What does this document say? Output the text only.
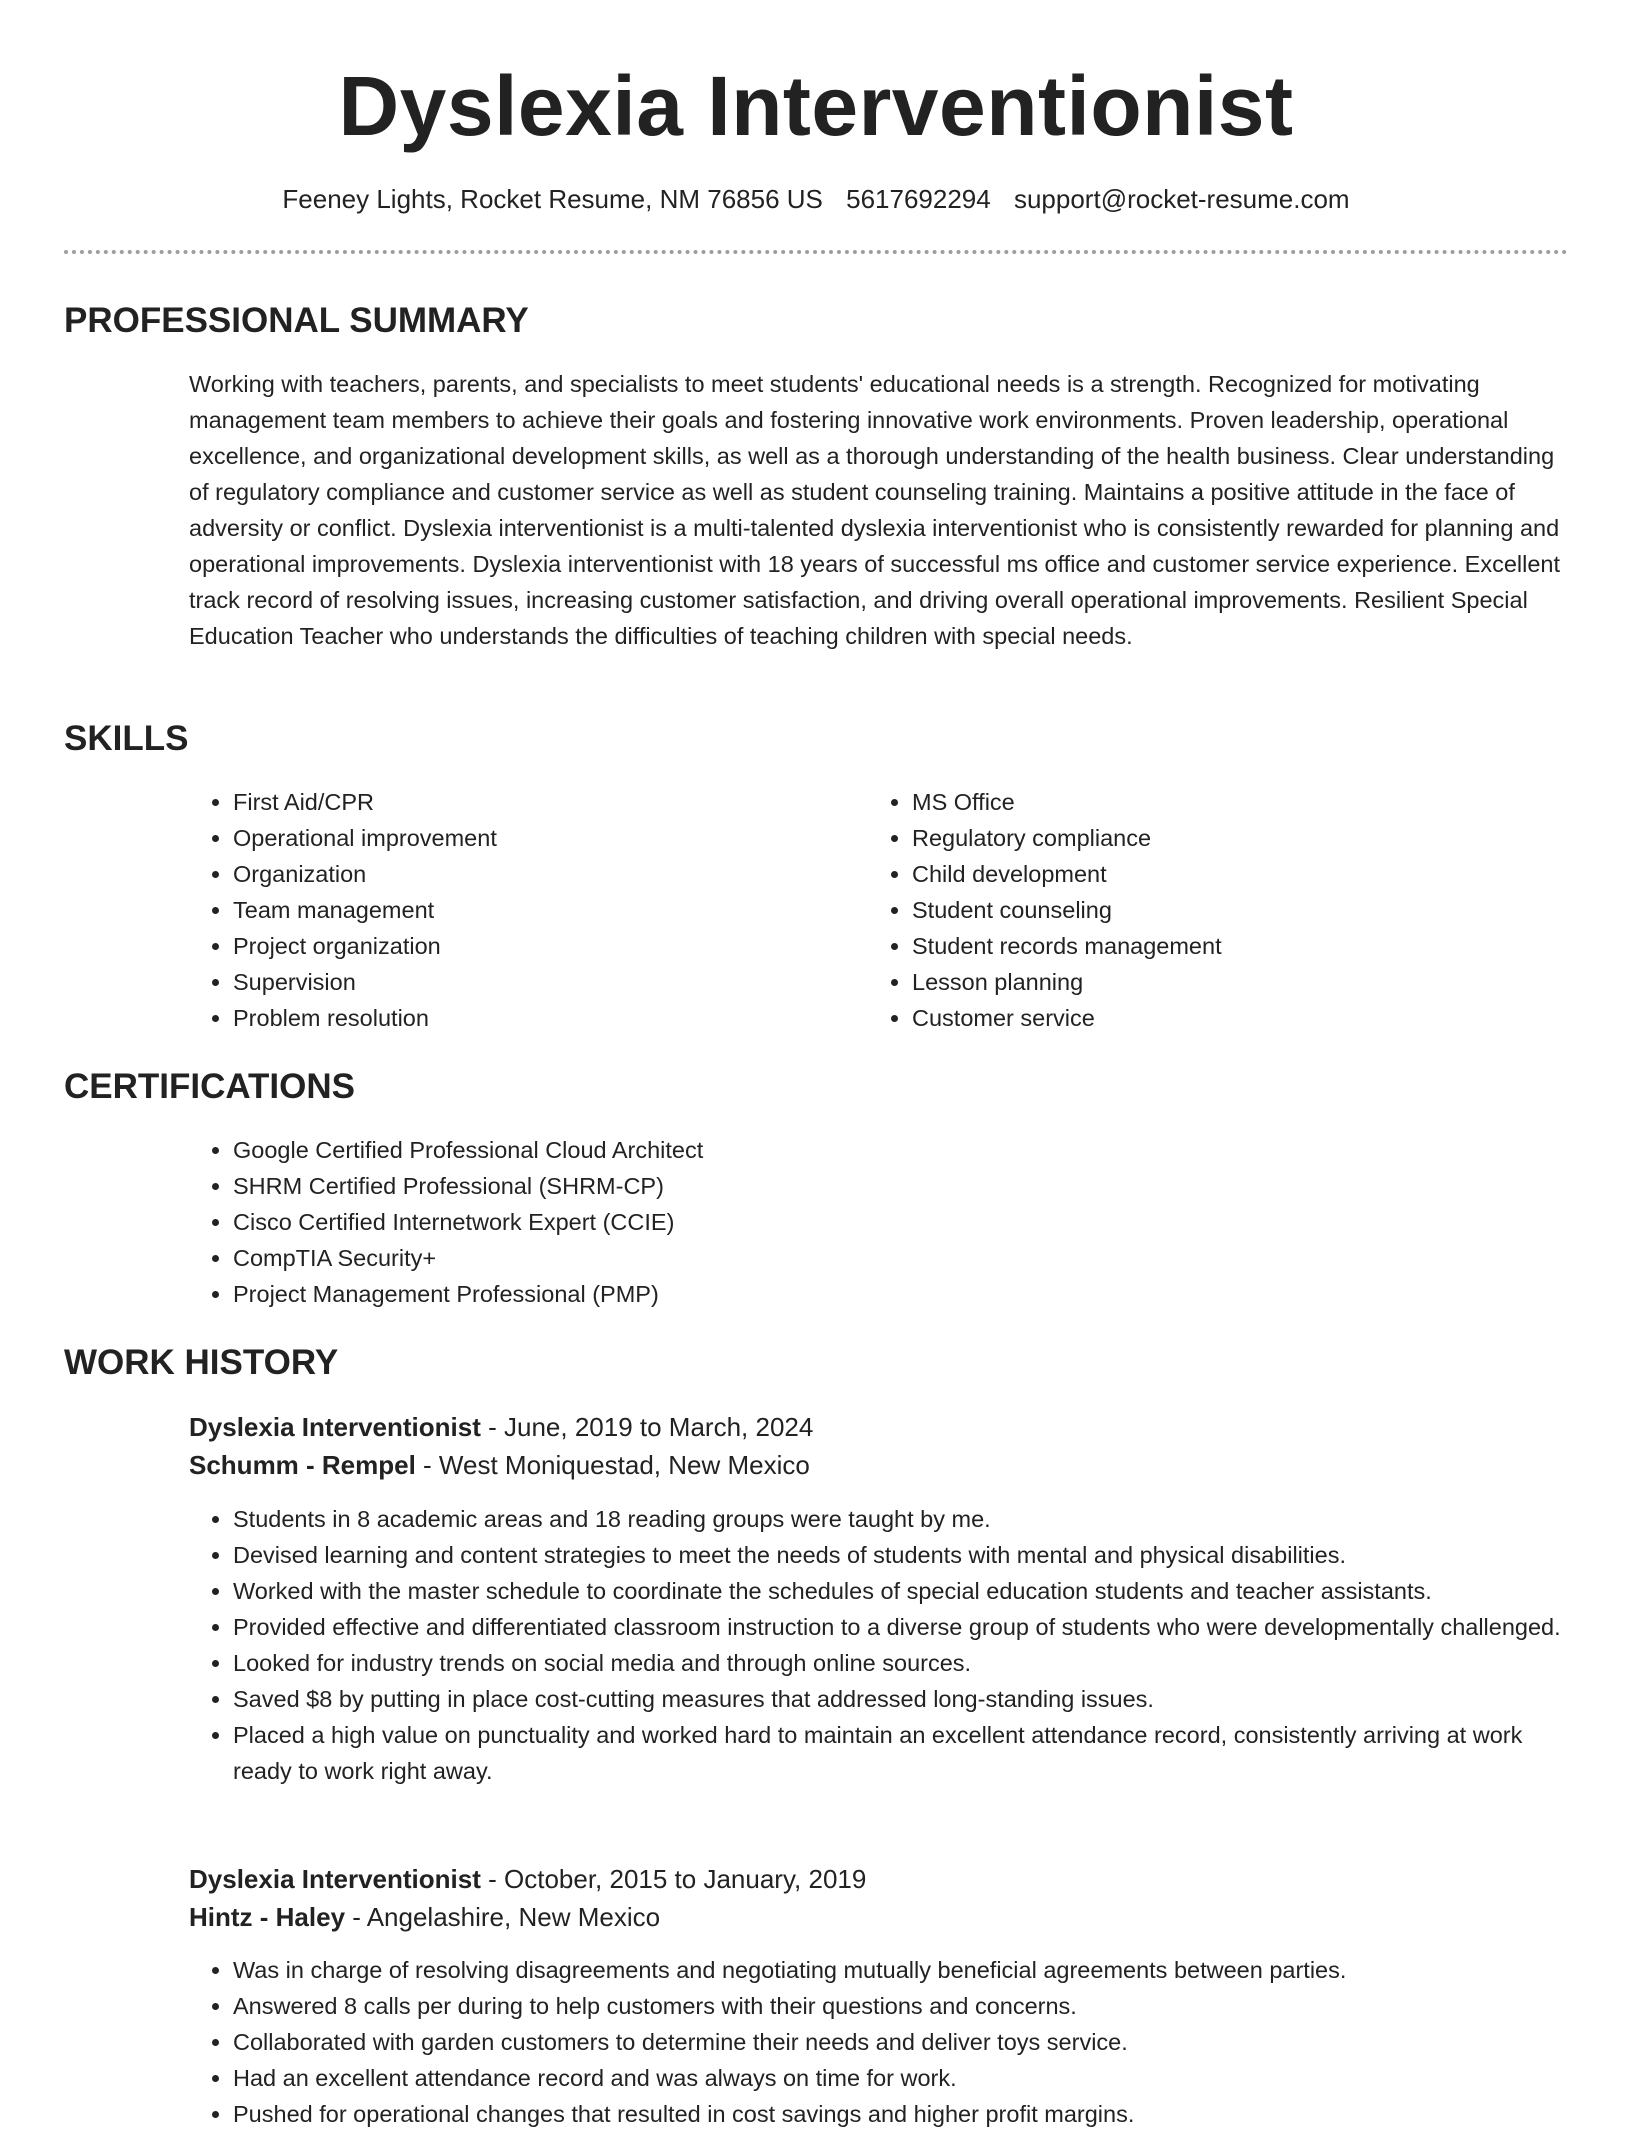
Dyslexia Interventionist
Feeney Lights, Rocket Resume, NM 76856 US 5617692294 support@rocket-resume.com
PROFESSIONAL SUMMARY

Working with teachers, parents, and specialists to meet students' educational needs is a strength. Recognized for motivating management team members to achieve their goals and fostering innovative work environments. Proven leadership, operational excellence, and organizational development skills, as well as a thorough understanding of the health business. Clear understanding of regulatory compliance and customer service as well as student counseling training. Maintains a positive attitude in the face of adversity or conflict. Dyslexia interventionist is a multi-talented dyslexia interventionist who is consistently rewarded for planning and operational improvements. Dyslexia interventionist with 18 years of successful ms office and customer service experience. Excellent track record of resolving issues, increasing customer satisfaction, and driving overall operational improvements. Resilient Special Education Teacher who understands the difficulties of teaching children with special needs.

SKILLS
• First Aid/CPR
• Operational improvement
• Organization
• Team management
• Project organization
• Supervision
• Problem resolution
• MS Office
• Regulatory compliance
• Child development
• Student counseling
• Student records management
• Lesson planning
• Customer service
CERTIFICATIONS
• Google Certified Professional Cloud Architect
• SHRM Certified Professional (SHRM-CP)
• Cisco Certified Internetwork Expert (CCIE)
• CompTIA Security+
• Project Management Professional (PMP)
WORK HISTORY
Dyslexia Interventionist - June, 2019 to March, 2024
Schumm - Rempel - West Moniquestad, New Mexico
• Students in 8 academic areas and 18 reading groups were taught by me.
• Devised learning and content strategies to meet the needs of students with mental and physical disabilities.
• Worked with the master schedule to coordinate the schedules of special education students and teacher assistants.
• Provided effective and differentiated classroom instruction to a diverse group of students who were developmentally challenged.
• Looked for industry trends on social media and through online sources.
• Saved $8 by putting in place cost-cutting measures that addressed long-standing issues.
• Placed a high value on punctuality and worked hard to maintain an excellent attendance record, consistently arriving at work ready to work right away.
Dyslexia Interventionist - October, 2015 to January, 2019
Hintz - Haley - Angelashire, New Mexico
• Was in charge of resolving disagreements and negotiating mutually beneficial agreements between parties.
• Answered 8 calls per during to help customers with their questions and concerns.
• Collaborated with garden customers to determine their needs and deliver toys service.
• Had an excellent attendance record and was always on time for work.
• Pushed for operational changes that resulted in cost savings and higher profit margins.
